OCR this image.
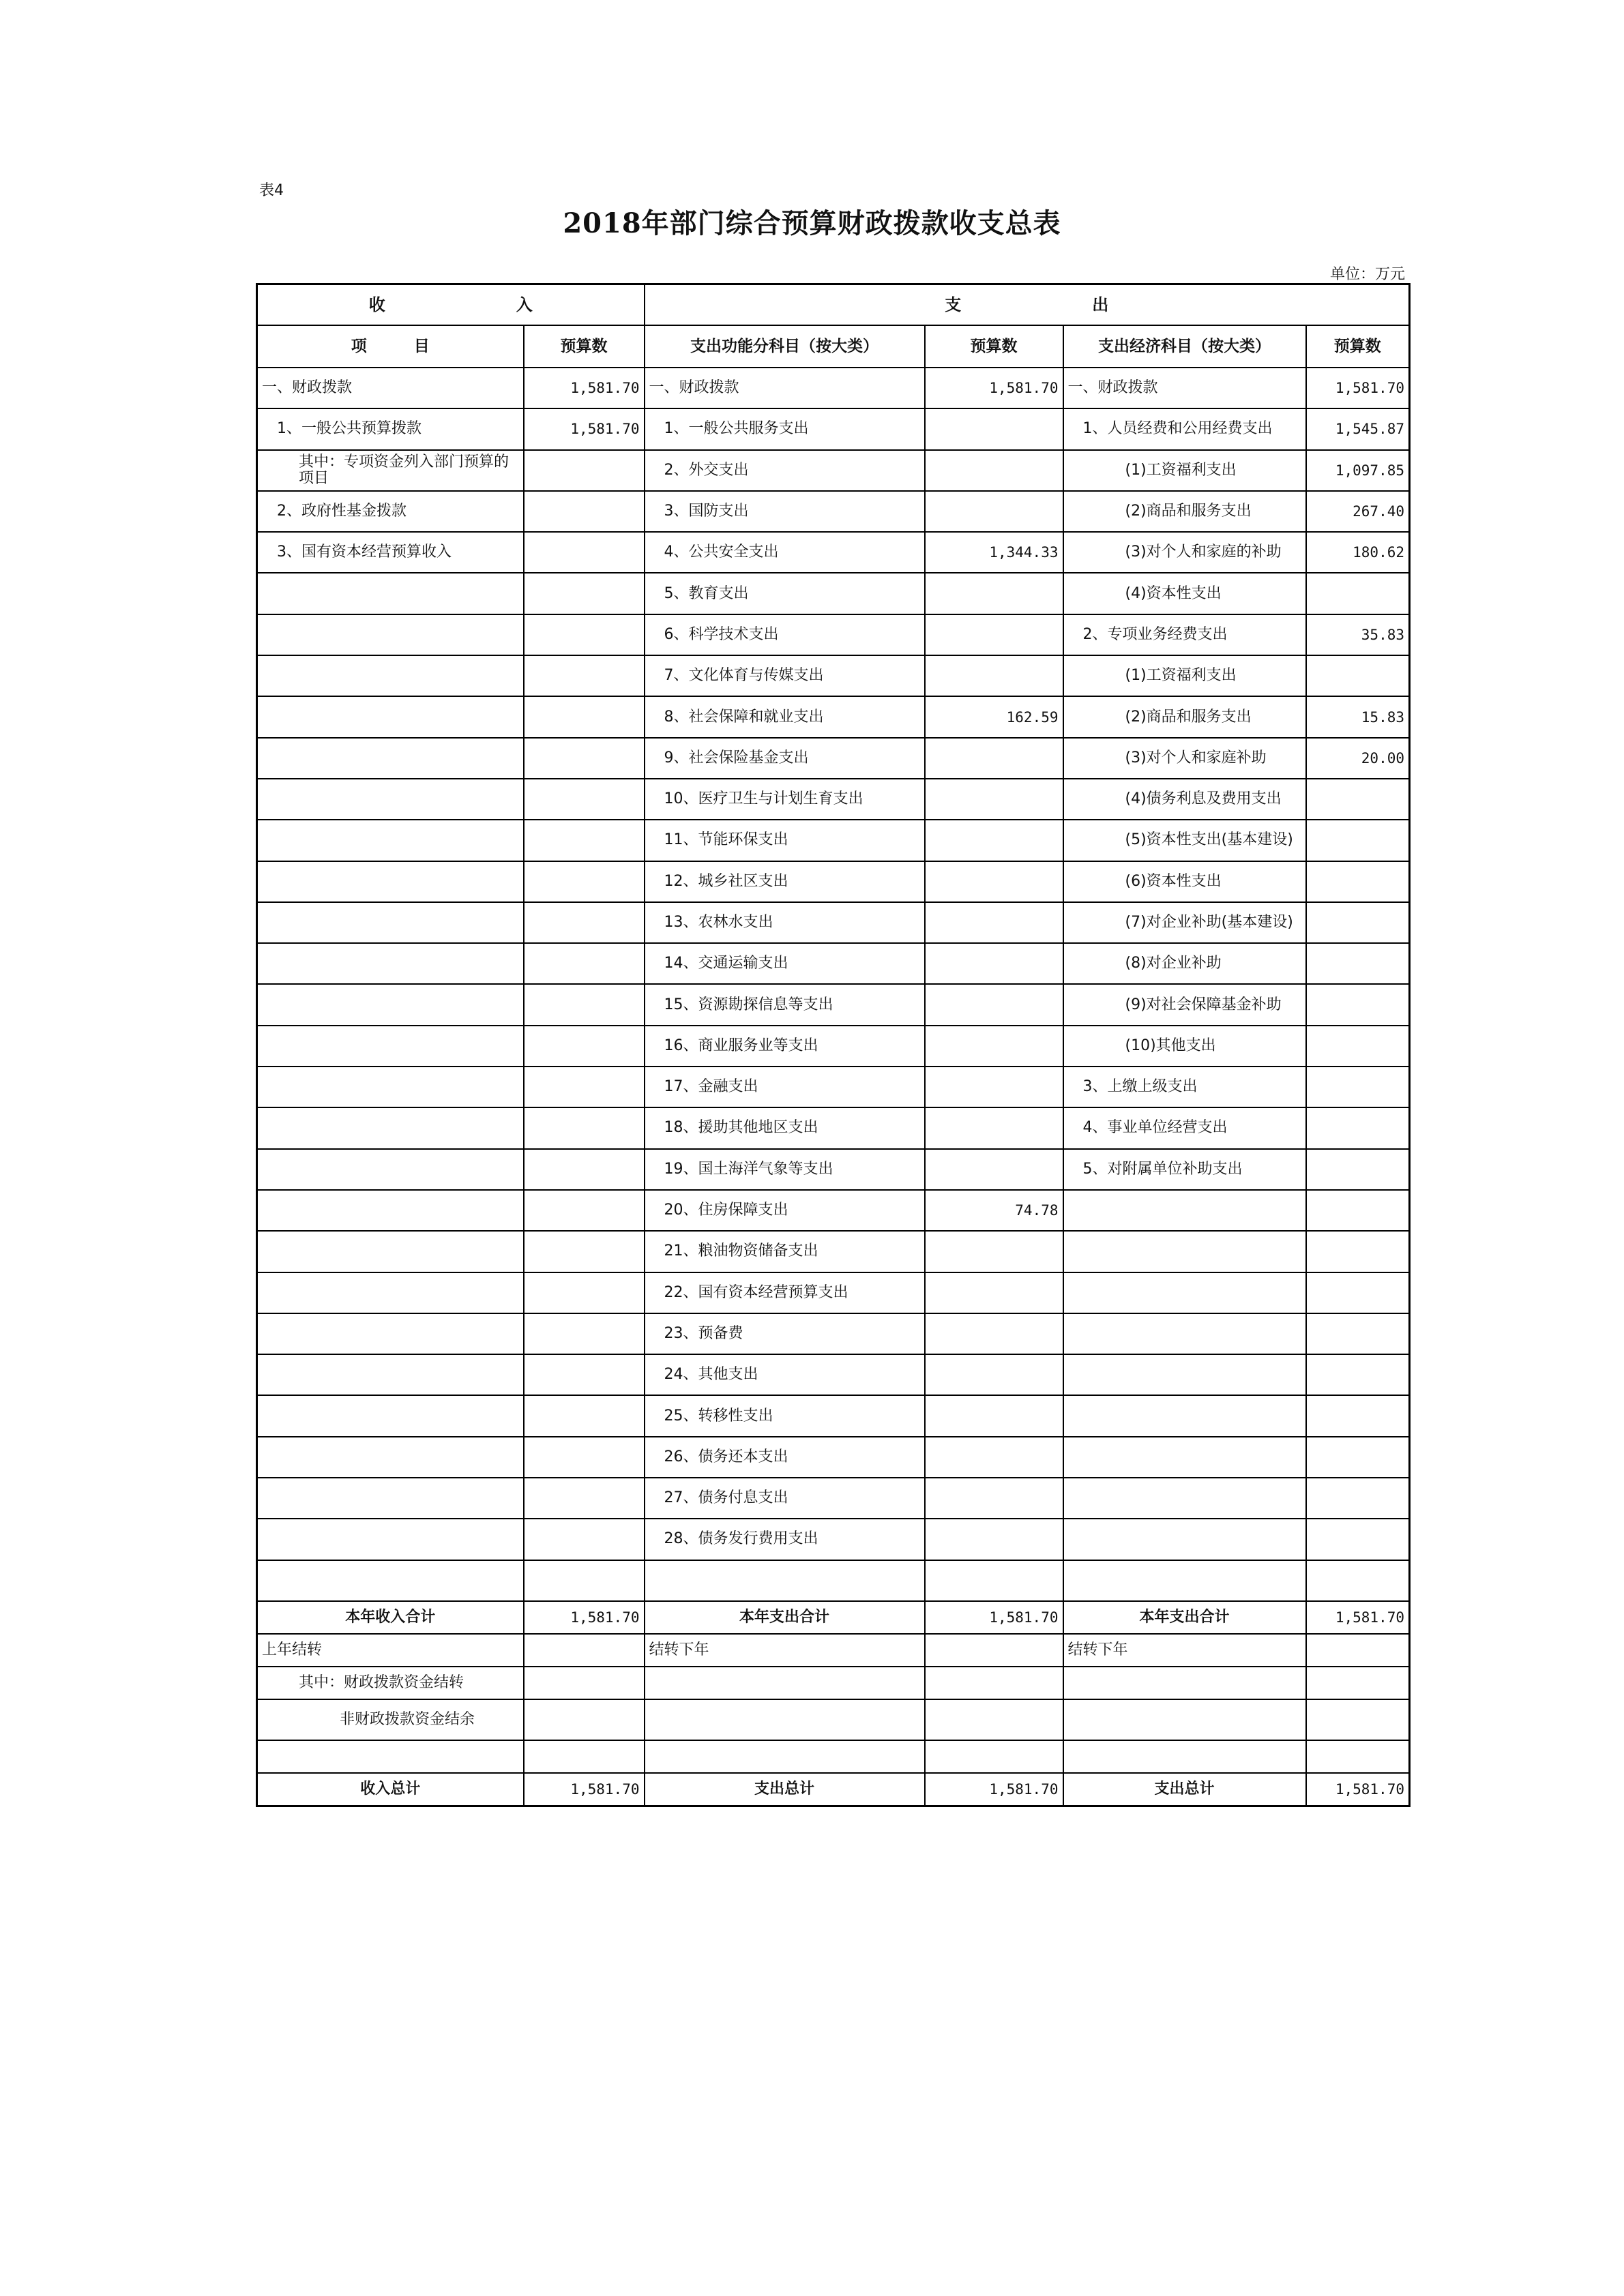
表4
2018年部门综合预算财政拨款收支总表
单位：万元
收　　　　　　　　入		支　　　　　　　　出			
项　　　目	预算数	支出功能分科目（按大类）	预算数	支出经济科目（按大类）	预算数
一、财政拨款	1,581.70	一、财政拨款	1,581.70	一、财政拨款	1,581.70
1、一般公共预算拨款	1,581.70	1、一般公共服务支出		1、人员经费和公用经费支出	1,545.87
其中：专项资金列入部门预算的项目		2、外交支出		(1)工资福利支出	1,097.85
2、政府性基金拨款		3、国防支出		(2)商品和服务支出	267.40
3、国有资本经营预算收入		4、公共安全支出	1,344.33	(3)对个人和家庭的补助	180.62
		5、教育支出		(4)资本性支出	
		6、科学技术支出		2、专项业务经费支出	35.83
		7、文化体育与传媒支出		(1)工资福利支出	
		8、社会保障和就业支出	162.59	(2)商品和服务支出	15.83
		9、社会保险基金支出		(3)对个人和家庭补助	20.00
		10、医疗卫生与计划生育支出		(4)债务利息及费用支出	
		11、节能环保支出		(5)资本性支出(基本建设)	
		12、城乡社区支出		(6)资本性支出	
		13、农林水支出		(7)对企业补助(基本建设)	
		14、交通运输支出		(8)对企业补助	
		15、资源勘探信息等支出		(9)对社会保障基金补助	
		16、商业服务业等支出		(10)其他支出	
		17、金融支出		3、上缴上级支出	
		18、援助其他地区支出		4、事业单位经营支出	
		19、国土海洋气象等支出		5、对附属单位补助支出	
		20、住房保障支出	74.78		
		21、粮油物资储备支出			
		22、国有资本经营预算支出			
		23、预备费			
		24、其他支出			
		25、转移性支出			
		26、债务还本支出			
		27、债务付息支出			
		28、债务发行费用支出			

本年收入合计	1,581.70	本年支出合计	1,581.70	本年支出合计	1,581.70
上年结转		结转下年		结转下年	
其中：财政拨款资金结转					
非财政拨款资金结余					

收入总计	1,581.70	支出总计	1,581.70	支出总计	1,581.70
